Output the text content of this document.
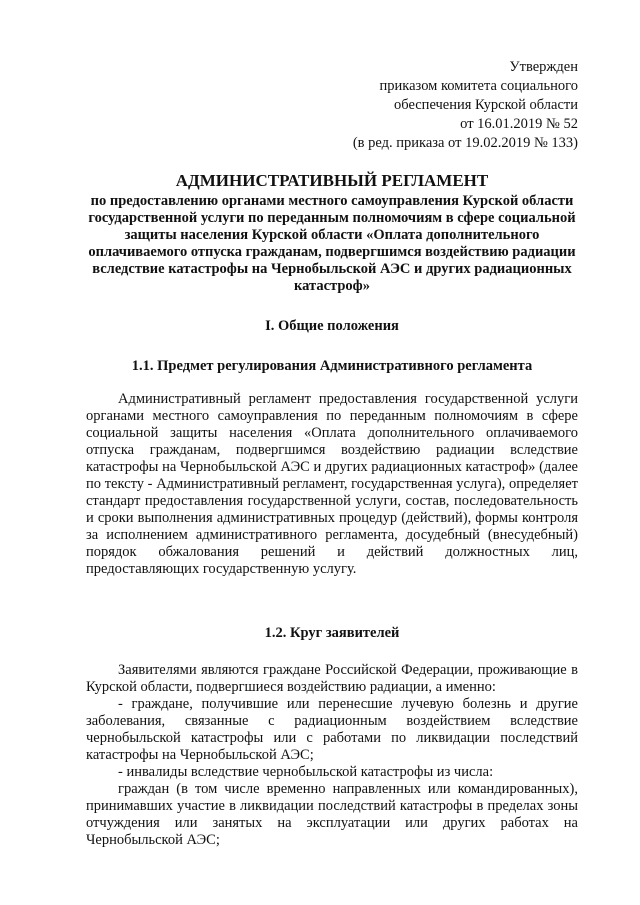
Утвержден
приказом комитета социального
обеспечения Курской области
от 16.01.2019 № 52
(в ред. приказа от 19.02.2019 № 133)
АДМИНИСТРАТИВНЫЙ РЕГЛАМЕНТ
по предоставлению органами местного самоуправления Курской области государственной услуги по переданным полномочиям в сфере социальной защиты населения Курской области «Оплата дополнительного оплачиваемого отпуска гражданам, подвергшимся воздействию радиации вследствие катастрофы на Чернобыльской АЭС и других радиационных катастроф»
I. Общие положения
1.1. Предмет регулирования Административного регламента
Административный регламент предоставления государственной услуги органами местного самоуправления по переданным полномочиям в сфере социальной защиты населения «Оплата дополнительного оплачиваемого отпуска гражданам, подвергшимся воздействию радиации вследствие катастрофы на Чернобыльской АЭС и других радиационных катастроф» (далее по тексту - Административный регламент, государственная услуга), определяет стандарт предоставления государственной услуги, состав, последовательность и сроки выполнения административных процедур (действий), формы контроля за исполнением административного регламента, досудебный (внесудебный) порядок обжалования решений и действий должностных лиц, предоставляющих государственную услугу.
1.2. Круг заявителей
Заявителями являются граждане Российской Федерации, проживающие в Курской области, подвергшиеся воздействию радиации, а именно:
- граждане, получившие или перенесшие лучевую болезнь и другие заболевания, связанные с радиационным воздействием вследствие чернобыльской катастрофы или с работами по ликвидации последствий катастрофы на Чернобыльской АЭС;
- инвалиды вследствие чернобыльской катастрофы из числа:
граждан (в том числе временно направленных или командированных), принимавших участие в ликвидации последствий катастрофы в пределах зоны отчуждения или занятых на эксплуатации или других работах на Чернобыльской АЭС;
